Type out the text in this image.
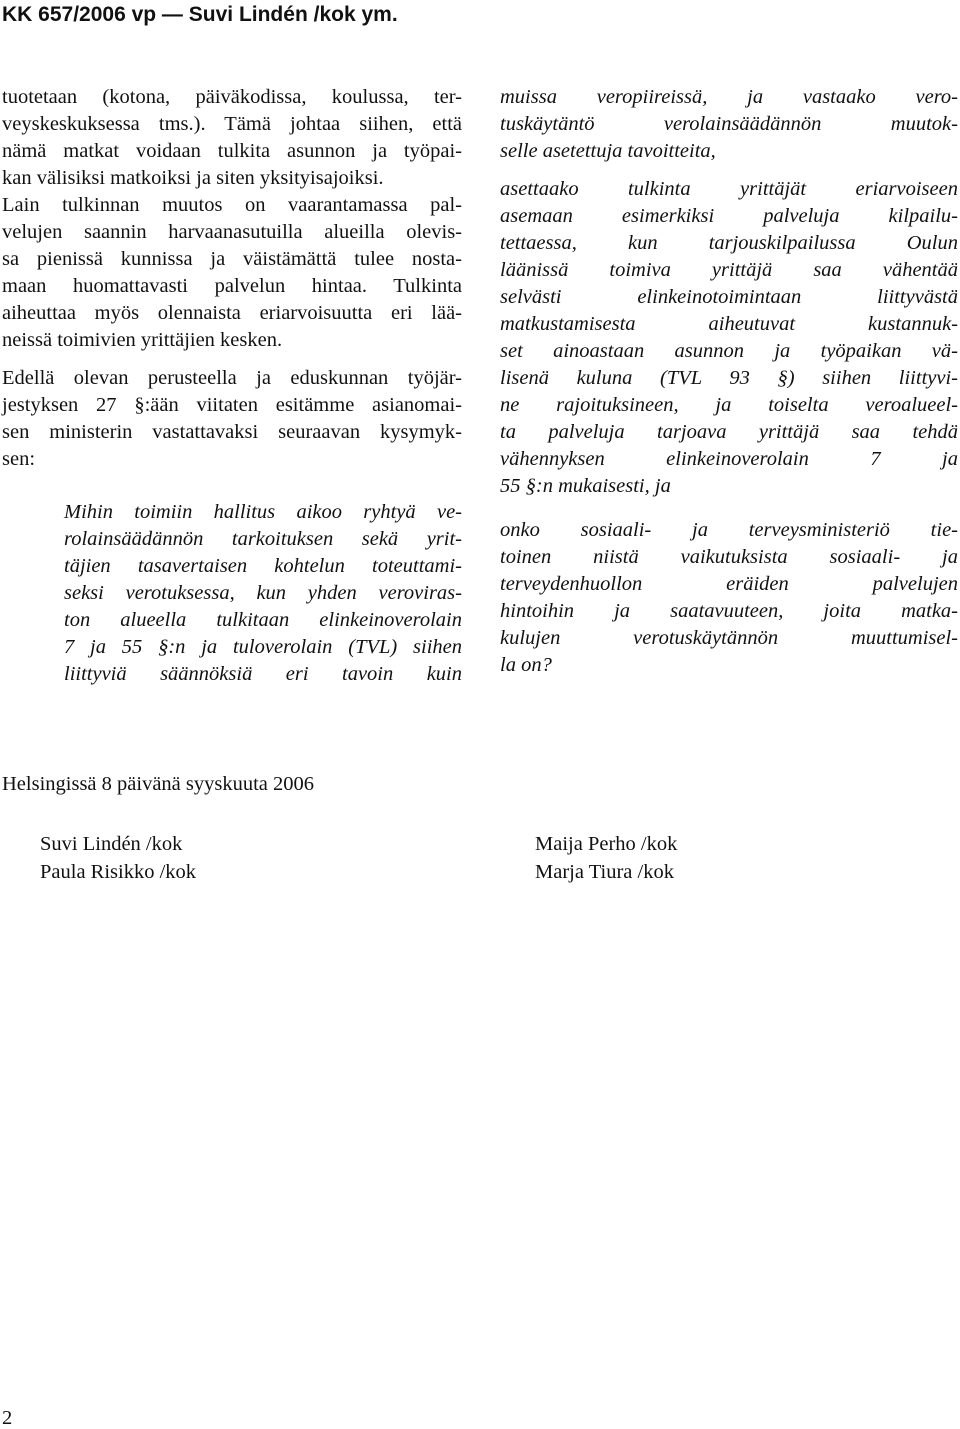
KK 657/2006 vp — Suvi Lindén /kok ym.
tuotetaan (kotona, päiväkodissa, koulussa, ter-
veyskeskuksessa tms.). Tämä johtaa siihen, että
nämä matkat voidaan tulkita asunnon ja työpai-
kan välisiksi matkoiksi ja siten yksityisajoiksi.
Lain tulkinnan muutos on vaarantamassa pal-
velujen saannin harvaanasutuilla alueilla olevis-
sa pienissä kunnissa ja väistämättä tulee nosta-
maan huomattavasti palvelun hintaa. Tulkinta
aiheuttaa myös olennaista eriarvoisuutta eri lää-
neissä toimivien yrittäjien kesken.
Edellä olevan perusteella ja eduskunnan työjär-
jestyksen 27 §:ään viitaten esitämme asianomai-
sen ministerin vastattavaksi seuraavan kysymyk-
sen:
Mihin toimiin hallitus aikoo ryhtyä ve-
rolainsäädännön tarkoituksen sekä yrit-
täjien tasavertaisen kohtelun toteuttami-
seksi verotuksessa, kun yhden veroviras-
ton alueella tulkitaan elinkeinoverolain
7 ja 55 §:n ja tuloverolain (TVL) siihen
liittyviä säännöksiä eri tavoin kuin
muissa veropiireissä, ja vastaako vero-
tuskäytäntö verolainsäädännön muutok-
selle asetettuja tavoitteita,
asettaako tulkinta yrittäjät eriarvoiseen
asemaan esimerkiksi palveluja kilpailu-
tettaessa, kun tarjouskilpailussa Oulun
läänissä toimiva yrittäjä saa vähentää
selvästi elinkeinotoimintaan liittyvästä
matkustamisesta aiheutuvat kustannuk-
set ainoastaan asunnon ja työpaikan vä-
lisenä kuluna (TVL 93 §) siihen liittyvi-
ne rajoituksineen, ja toiselta veroalueel-
ta palveluja tarjoava yrittäjä saa tehdä
vähennyksen elinkeinoverolain 7 ja
55 §:n mukaisesti, ja
onko sosiaali- ja terveysministeriö tie-
toinen niistä vaikutuksista sosiaali- ja
terveydenhuollon eräiden palvelujen
hintoihin ja saatavuuteen, joita matka-
kulujen verotuskäytännön muuttumisel-
la on?
Helsingissä 8 päivänä syyskuuta 2006
Suvi Lindén /kok
Paula Risikko /kok
Maija Perho /kok
Marja Tiura /kok
2
